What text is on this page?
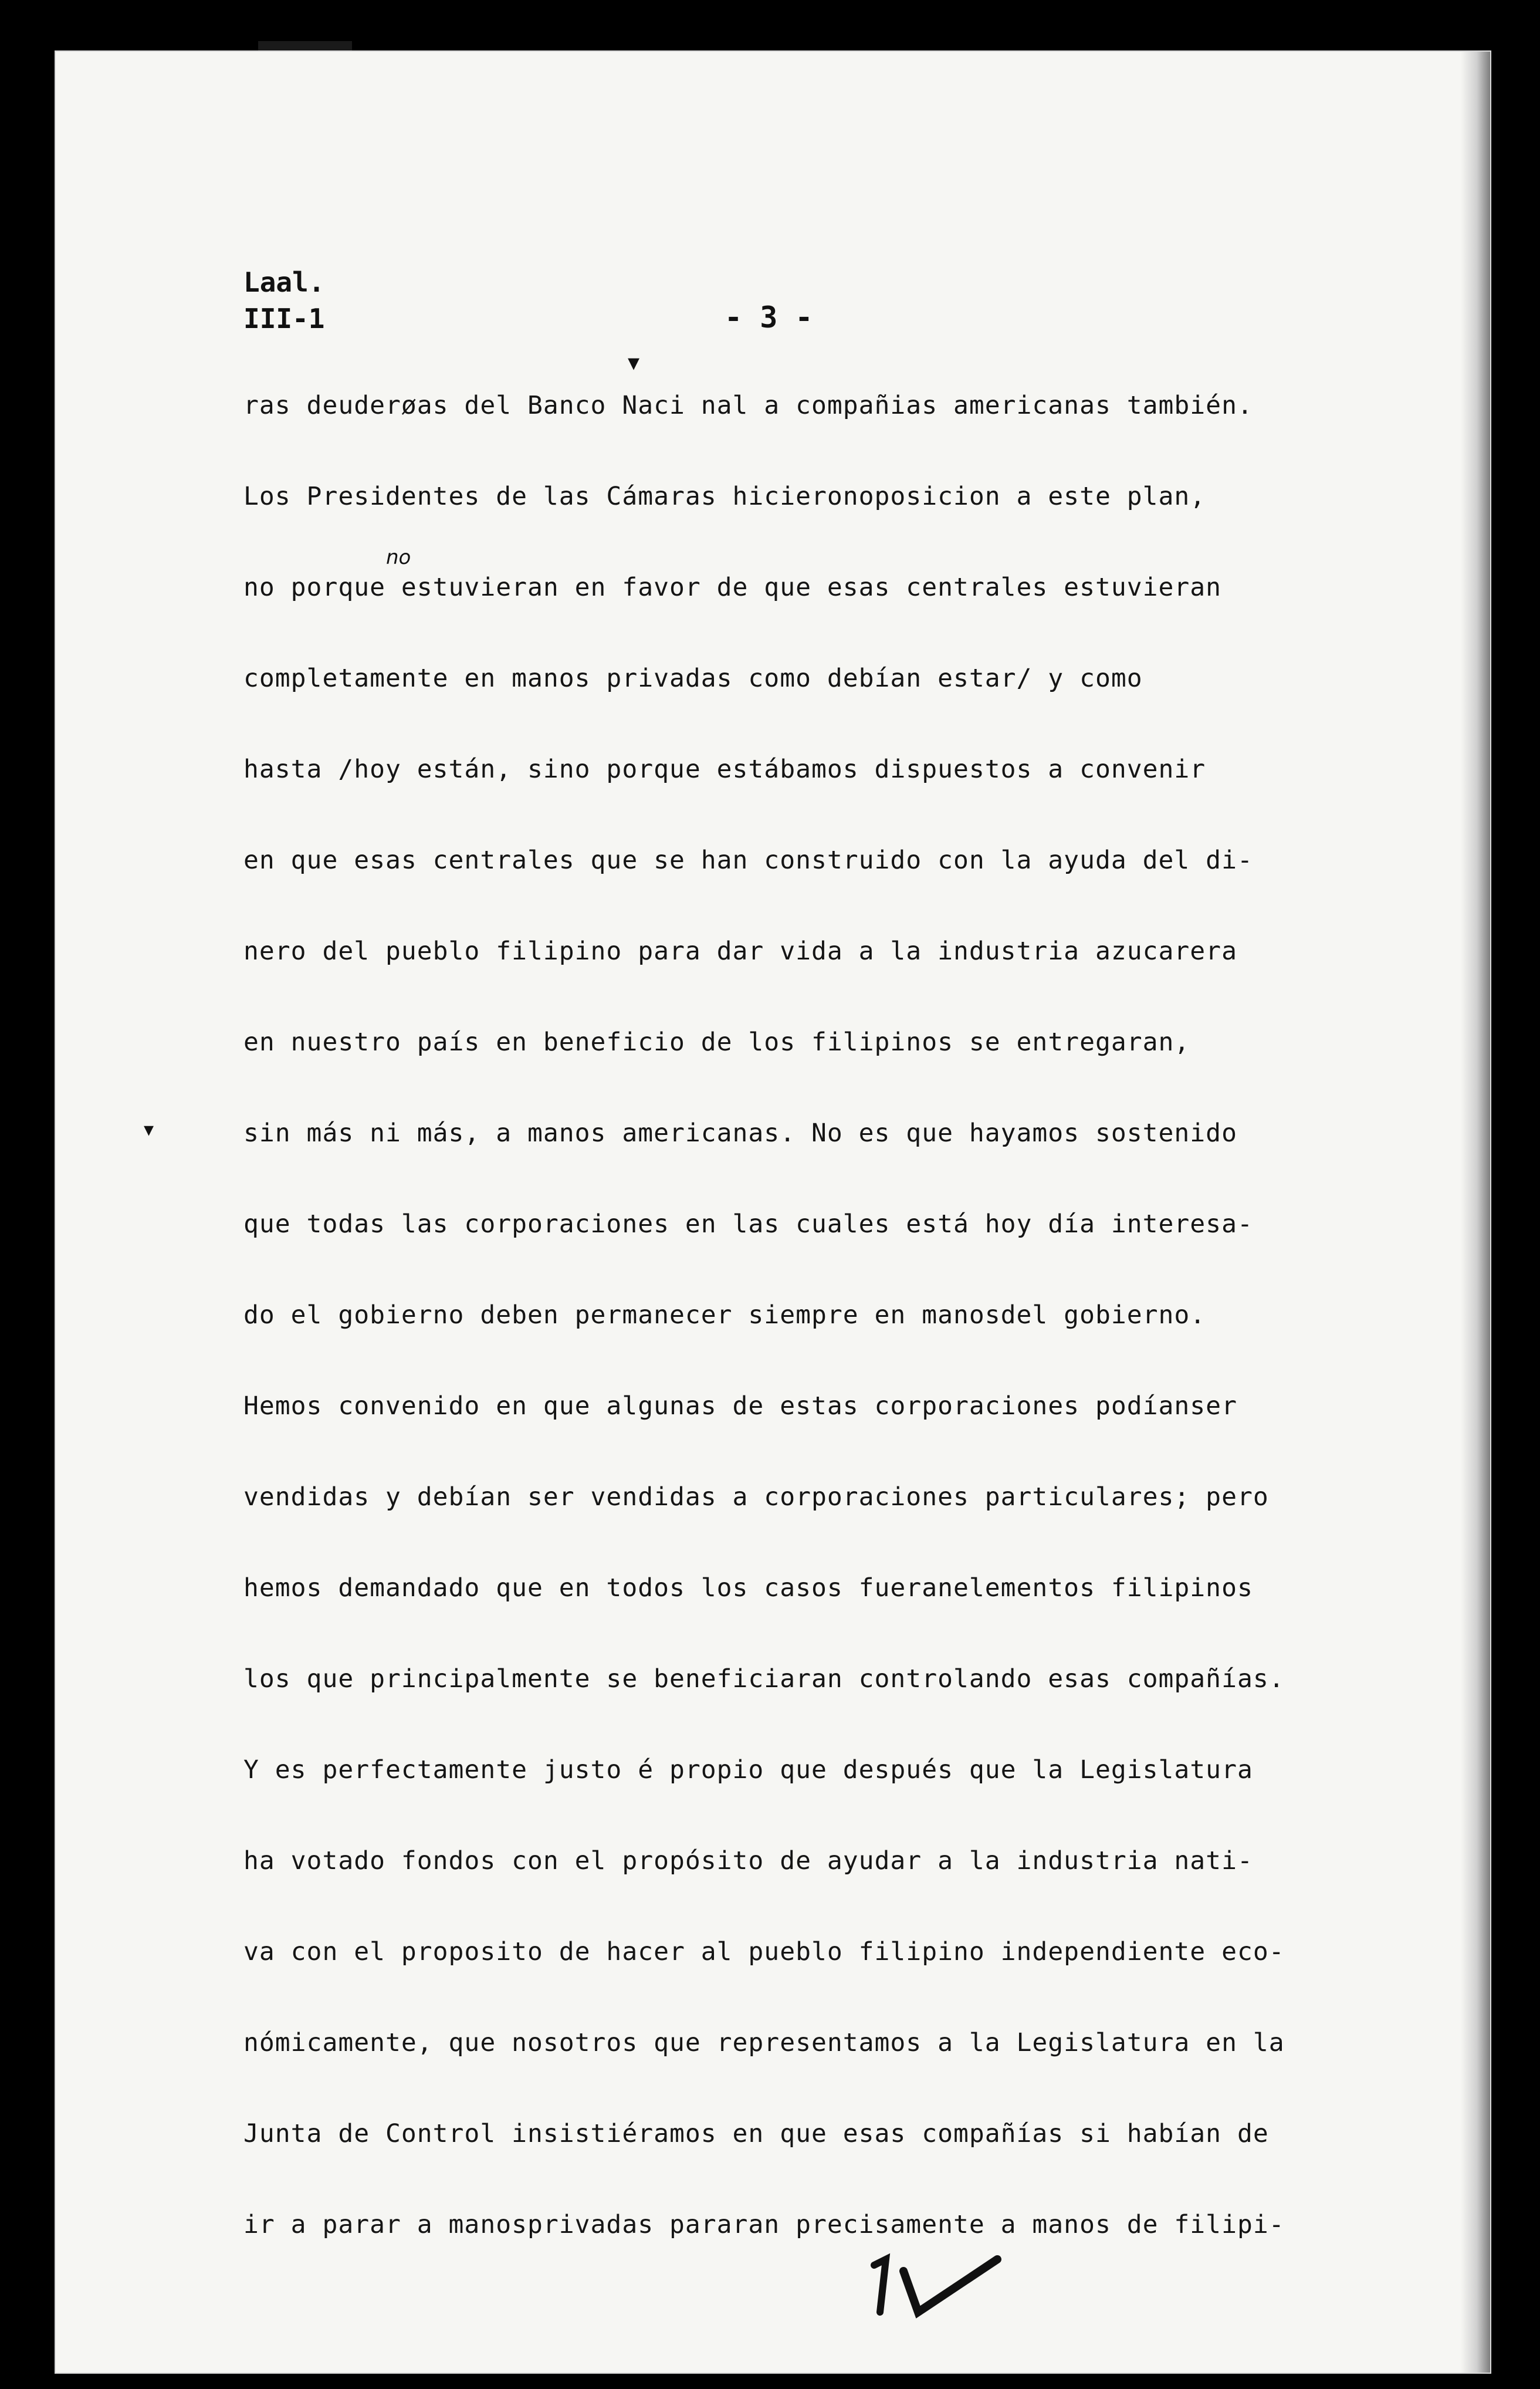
Laal.
III-1	- 3 -
no
▾
▾
ras deuderøas del Banco Naci nal a compañias americanas también.
Los Presidentes de las Cámaras hicieronoposicion a este plan,
no porque estuvieran en favor de que esas centrales estuvieran
completamente en manos privadas como debían estar/ y como
hasta /hoy están, sino porque estábamos dispuestos a convenir
en que esas centrales que se han construido con la ayuda del di-
nero del pueblo filipino para dar vida a la industria azucarera
en nuestro país en beneficio de los filipinos se entregaran,
sin más ni más, a manos americanas. No es que hayamos sostenido
que todas las corporaciones en las cuales está hoy día interesa-
do el gobierno deben permanecer siempre en manosdel gobierno.
Hemos convenido en que algunas de estas corporaciones podíanser
vendidas y debían ser vendidas a corporaciones particulares; pero
hemos demandado que en todos los casos fueranelementos filipinos
los que principalmente se beneficiaran controlando esas compañías.
Y es perfectamente justo é propio que después que la Legislatura
ha votado fondos con el propósito de ayudar a la industria nati-
va con el proposito de hacer al pueblo filipino independiente eco-
nómicamente, que nosotros que representamos a la Legislatura en la
Junta de Control insistiéramos en que esas compañías si habían de
ir a parar a manosprivadas pararan precisamente a manos de filipi-
